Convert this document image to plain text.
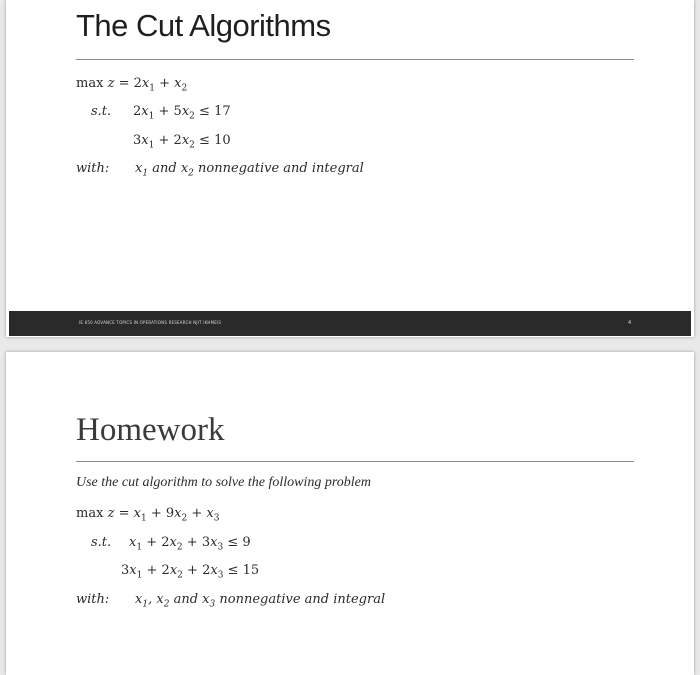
The Cut Algorithms
$\max z = 2x_1 + x_2$
s.t. $2x_1 + 5x_2 \le 17$
$3x_1 + 2x_2 \le 10$
with: $x_1$ and $x_2$ nonnegative and integral
IE 650 ADVANCE TOPICS IN OPERATIONS RESEARCH NJIT IKHMEIS	4
Homework
Use the cut algorithm to solve the following problem
$\max z = x_1 + 9x_2 + x_3$
s.t. $x_1 + 2x_2 + 3x_3 \le 9$
$3x_1 + 2x_2 + 2x_3 \le 15$
with: $x_1$, $x_2$ and $x_3$ nonnegative and integral
